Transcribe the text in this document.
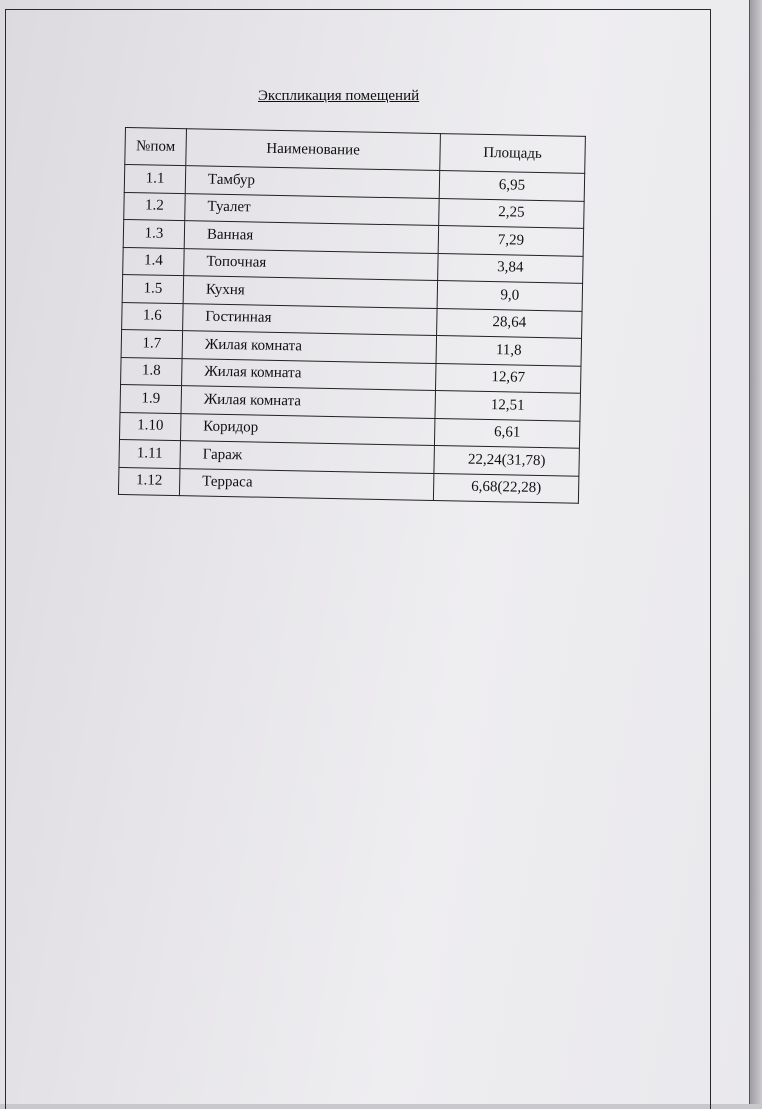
Экспликация помещений
№пом	Наименование	Площадь
1.1	Тамбур	6,95
1.2	Туалет	2,25
1.3	Ванная	7,29
1.4	Топочная	3,84
1.5	Кухня	9,0
1.6	Гостинная	28,64
1.7	Жилая комната	11,8
1.8	Жилая комната	12,67
1.9	Жилая комната	12,51
1.10	Коридор	6,61
1.11	Гараж	22,24(31,78)
1.12	Терраса	6,68(22,28)
